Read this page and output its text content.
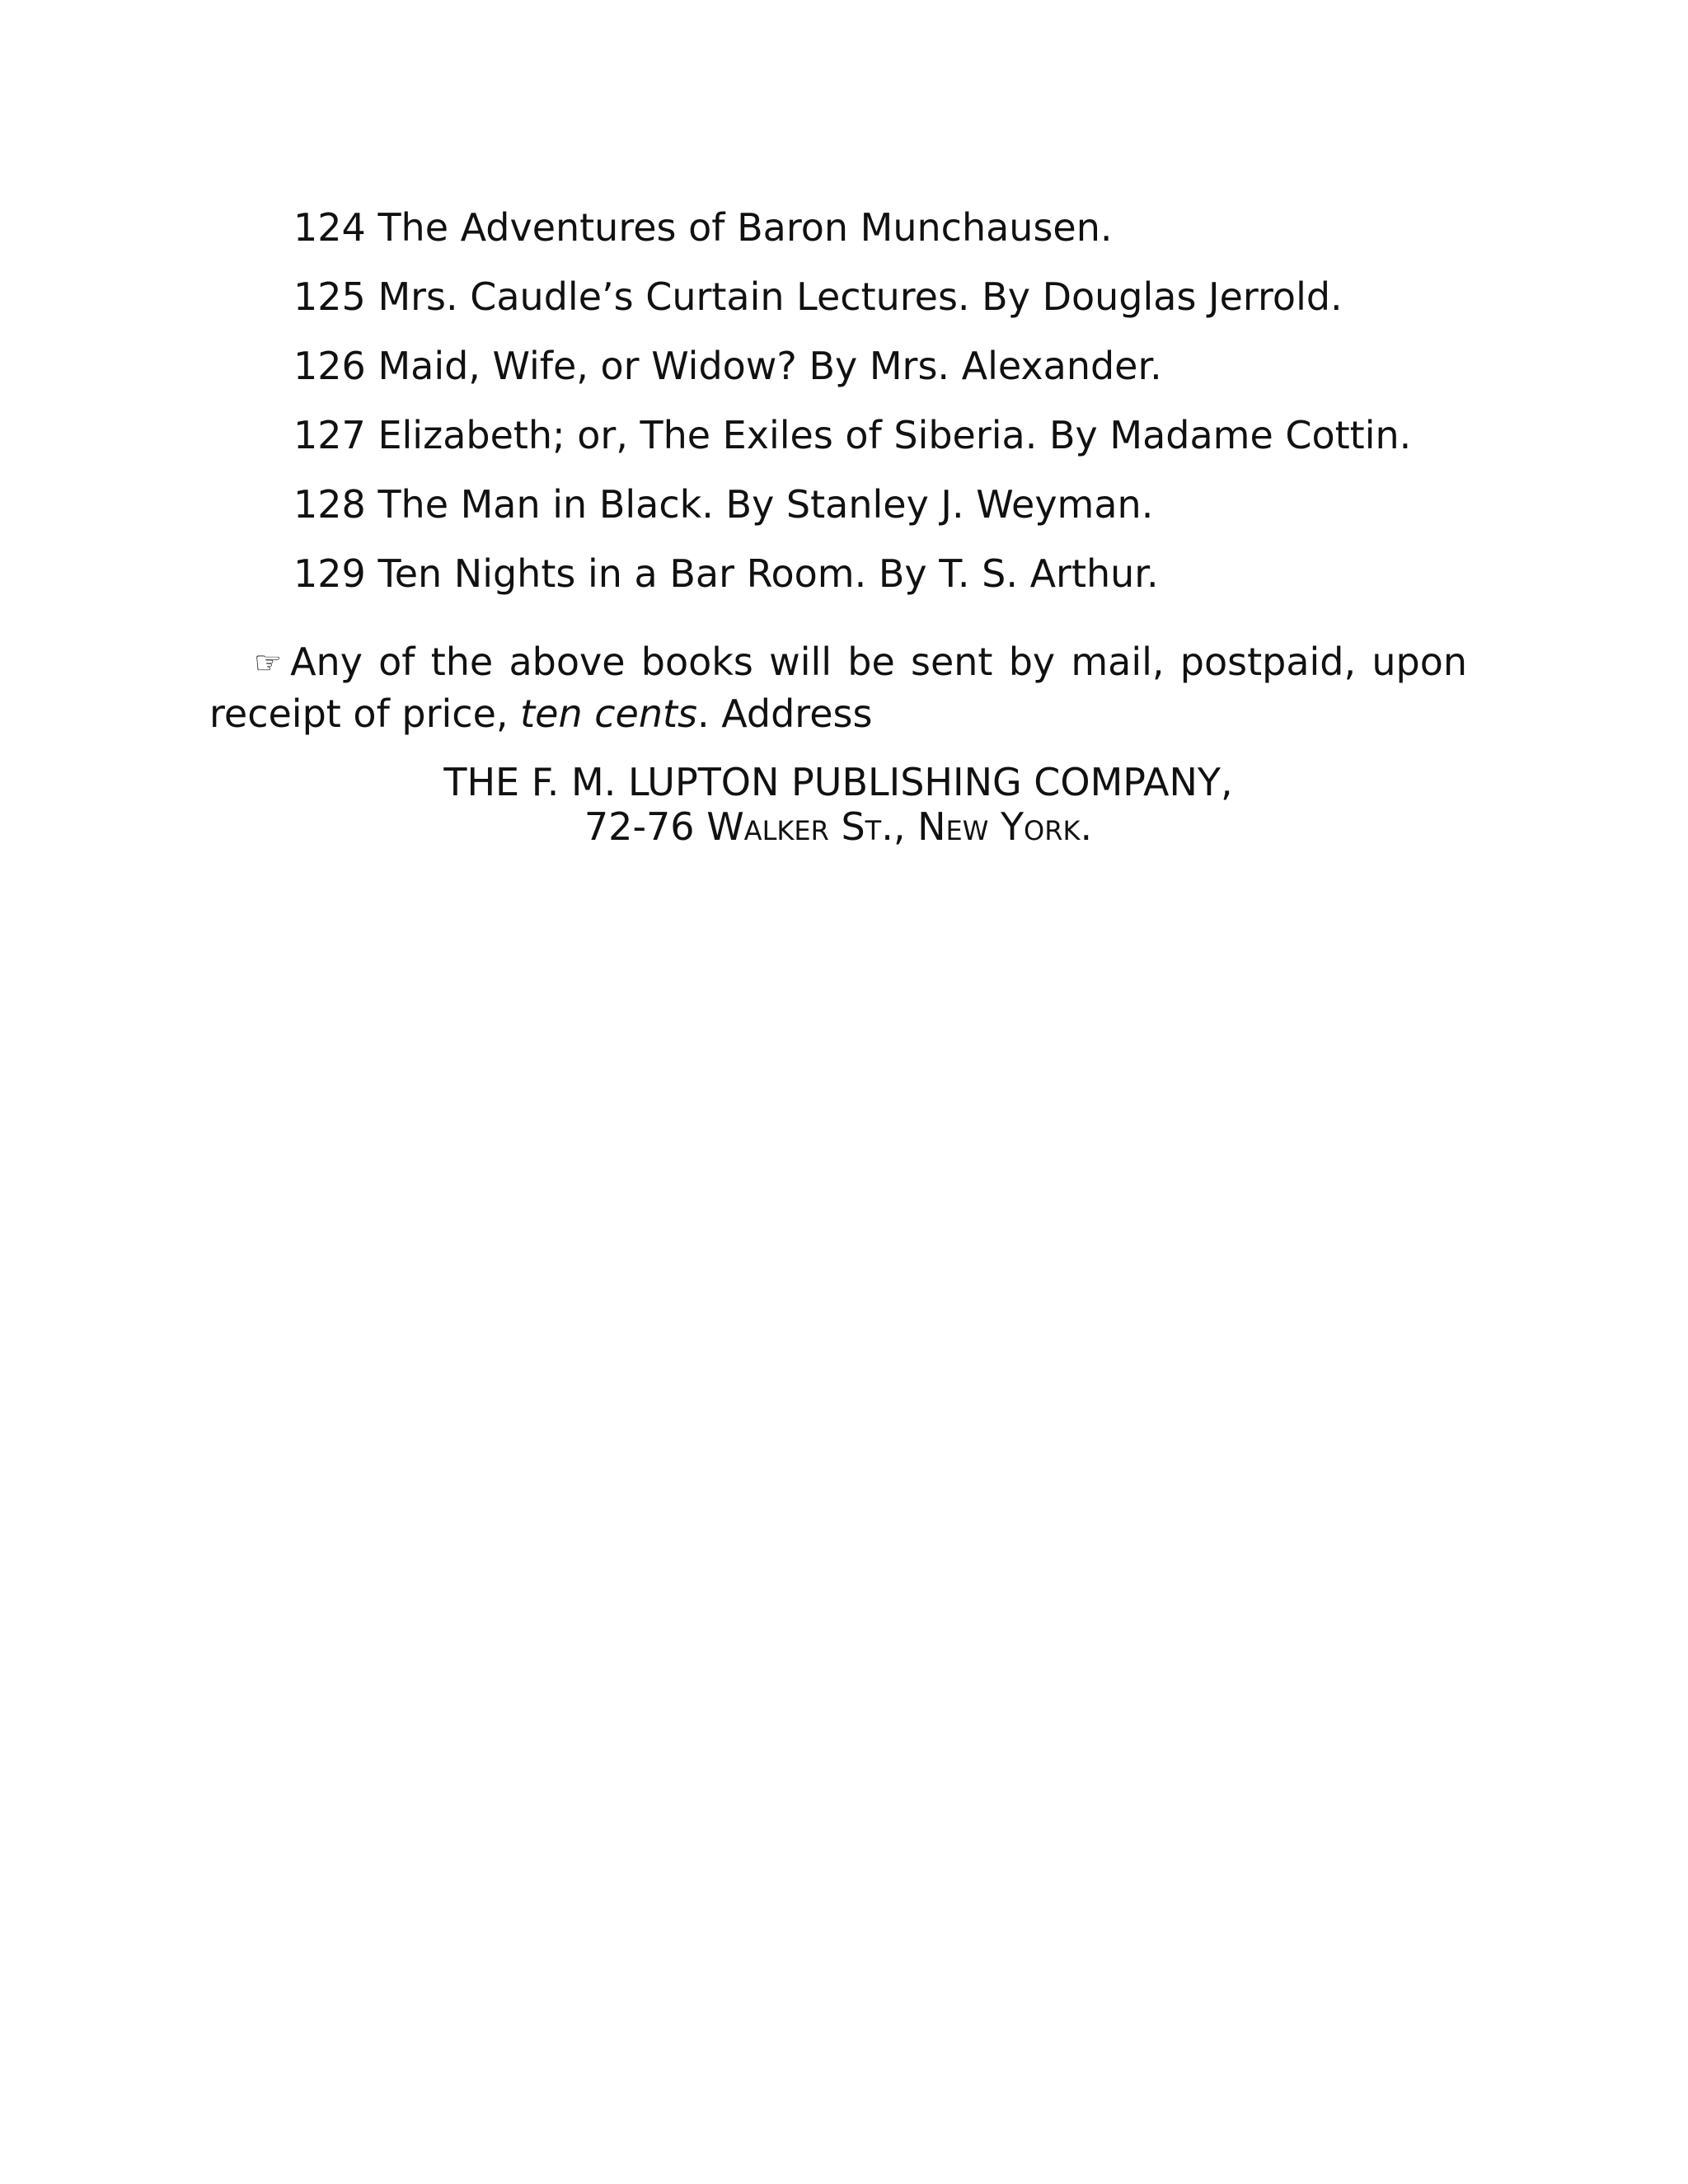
124 The Adventures of Baron Munchausen.
125 Mrs. Caudle’s Curtain Lectures. By Douglas Jerrold.
126 Maid, Wife, or Widow? By Mrs. Alexander.
127 Elizabeth; or, The Exiles of Siberia. By Madame Cottin.
128 The Man in Black. By Stanley J. Weyman.
129 Ten Nights in a Bar Room. By T. S. Arthur.

☞ Any of the above books will be sent by mail, postpaid, upon receipt of price, ten cents. Address

THE F. M. LUPTON PUBLISHING COMPANY,
72-76 Walker St., New York.
